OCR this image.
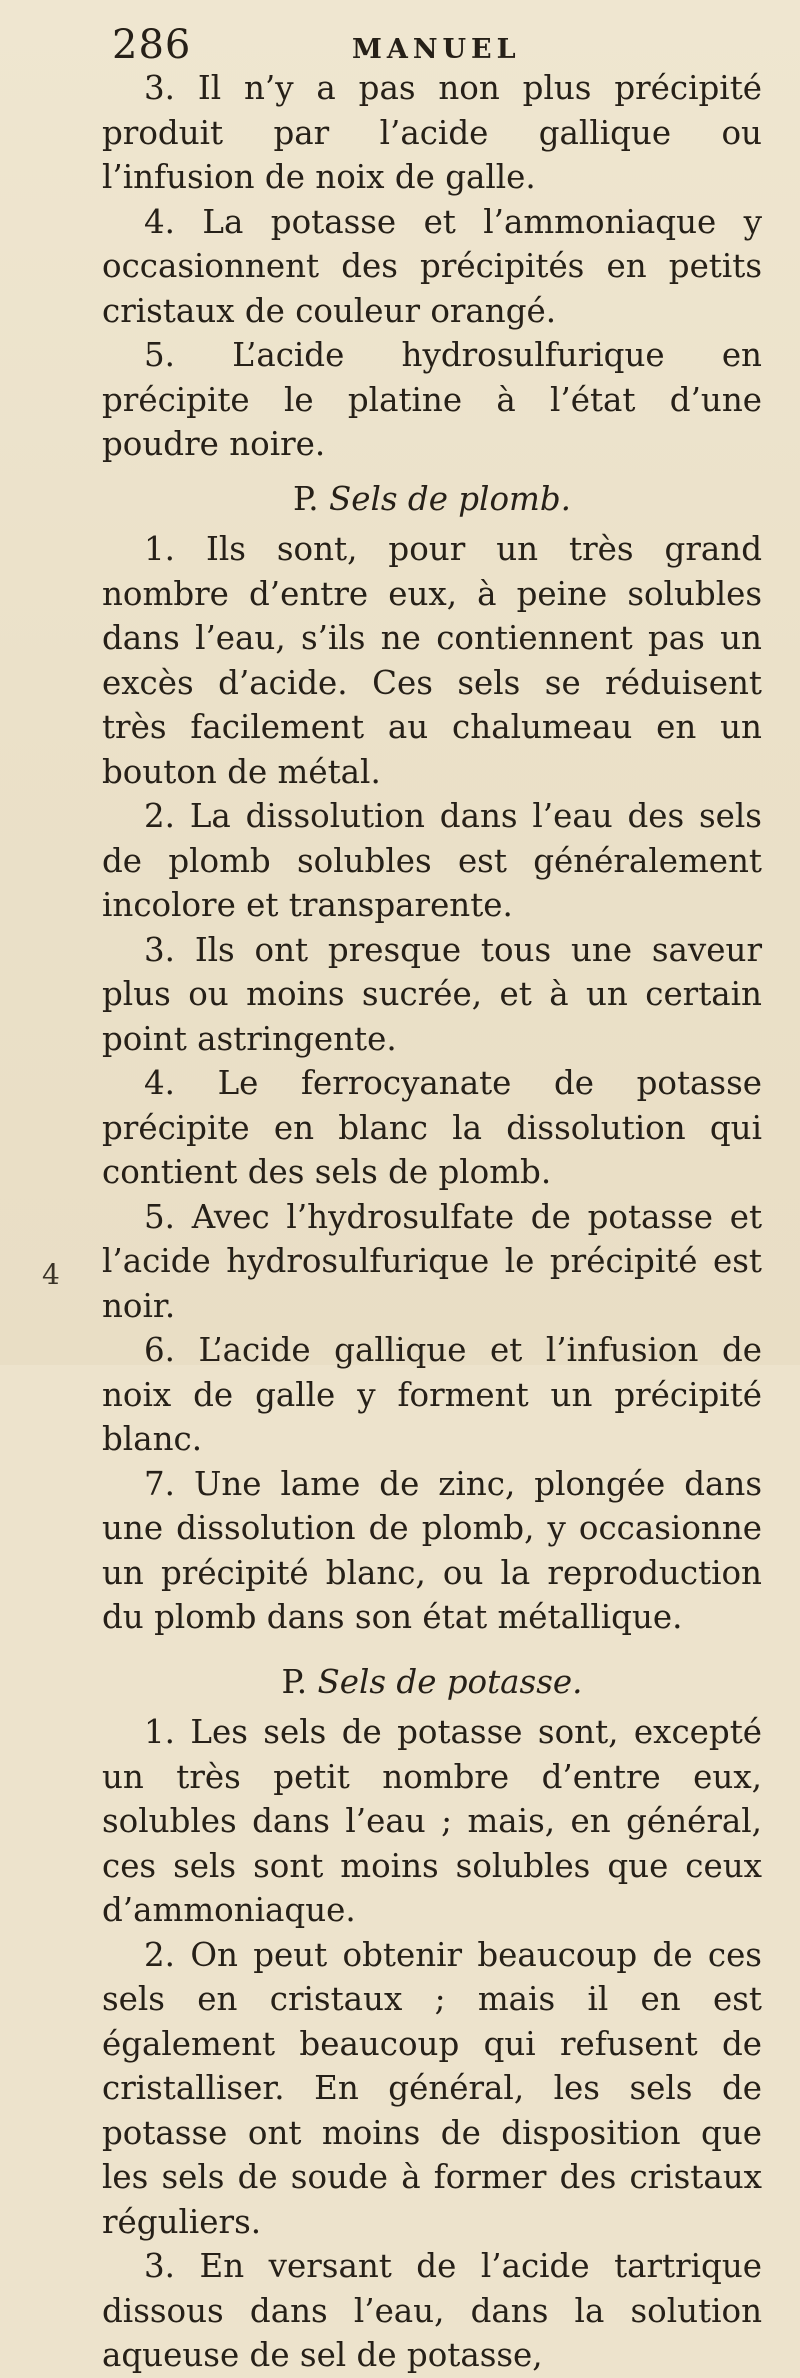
286	MANUEL

3. Il n’y a pas non plus précipité produit par l’acide gallique ou l’infusion de noix de galle.

4. La potasse et l’ammoniaque y occasionnent des précipités en petits cristaux de couleur orangé.

5. L’acide hydrosulfurique en précipite le platine à l’état d’une poudre noire.

P. Sels de plomb.

1. Ils sont, pour un très grand nombre d’entre eux, à peine solubles dans l’eau, s’ils ne contiennent pas un excès d’acide. Ces sels se réduisent très facilement au chalumeau en un bouton de métal.

2. La dissolution dans l’eau des sels de plomb solubles est généralement incolore et transparente.

3. Ils ont presque tous une saveur plus ou moins sucrée, et à un certain point astringente.

4. Le ferrocyanate de potasse précipite en blanc la dissolution qui contient des sels de plomb.

5. Avec l’hydrosulfate de potasse et l’acide hydrosulfurique le précipité est noir.

6. L’acide gallique et l’infusion de noix de galle y forment un précipité blanc.

7. Une lame de zinc, plongée dans une dissolution de plomb, y occasionne un précipité blanc, ou la reproduction du plomb dans son état métallique.

P. Sels de potasse.

1. Les sels de potasse sont, excepté un très petit nombre d’entre eux, solubles dans l’eau ; mais, en général, ces sels sont moins solubles que ceux d’ammoniaque.

2. On peut obtenir beaucoup de ces sels en cristaux ; mais il en est également beaucoup qui refusent de cristalliser. En général, les sels de potasse ont moins de disposition que les sels de soude à former des cristaux réguliers.

3. En versant de l’acide tartrique dissous dans l’eau, dans la solution aqueuse de sel de potasse,

4
